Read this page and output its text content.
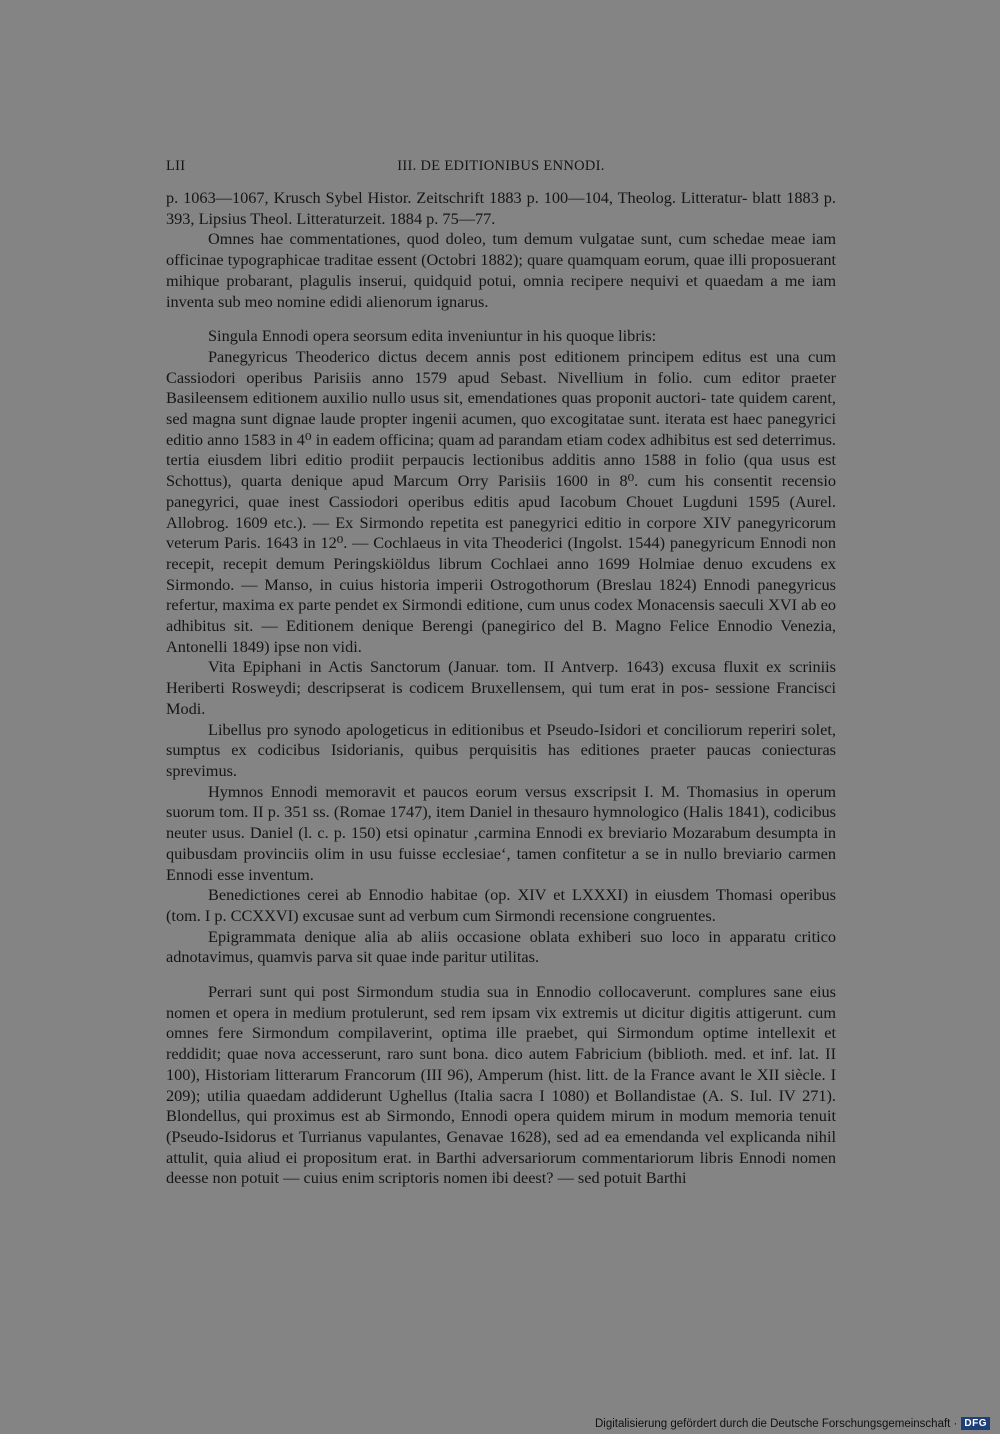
LII	III. DE EDITIONIBUS ENNODI.

p. 1063—1067, Krusch Sybel Histor. Zeitschrift 1883 p. 100—104, Theolog. Litteratur- blatt 1883 p. 393, Lipsius Theol. Litteraturzeit. 1884 p. 75—77.

Omnes hae commentationes, quod doleo, tum demum vulgatae sunt, cum schedae meae iam officinae typographicae traditae essent (Octobri 1882); quare quamquam eorum, quae illi proposuerant mihique probarant, plagulis inserui, quidquid potui, omnia recipere nequivi et quaedam a me iam inventa sub meo nomine edidi alienorum ignarus.

Singula Ennodi opera seorsum edita inveniuntur in his quoque libris:

Panegyricus Theoderico dictus decem annis post editionem principem editus est una cum Cassiodori operibus Parisiis anno 1579 apud Sebast. Nivellium in folio. cum editor praeter Basileensem editionem auxilio nullo usus sit, emendationes quas proponit auctori- tate quidem carent, sed magna sunt dignae laude propter ingenii acumen, quo excogitatae sunt. iterata est haec panegyrici editio anno 1583 in 4⁰ in eadem officina; quam ad parandam etiam codex adhibitus est sed deterrimus. tertia eiusdem libri editio prodiit perpaucis lectionibus additis anno 1588 in folio (qua usus est Schottus), quarta denique apud Marcum Orry Parisiis 1600 in 8⁰. cum his consentit recensio panegyrici, quae inest Cassiodori operibus editis apud Iacobum Chouet Lugduni 1595 (Aurel. Allobrog. 1609 etc.). — Ex Sirmondo repetita est panegyrici editio in corpore XIV panegyricorum veterum Paris. 1643 in 12⁰. — Cochlaeus in vita Theoderici (Ingolst. 1544) panegyricum Ennodi non recepit, recepit demum Peringskiöldus librum Cochlaei anno 1699 Holmiae denuo excudens ex Sirmondo. — Manso, in cuius historia imperii Ostrogothorum (Breslau 1824) Ennodi panegyricus refertur, maxima ex parte pendet ex Sirmondi editione, cum unus codex Monacensis saeculi XVI ab eo adhibitus sit. — Editionem denique Berengi (panegirico del B. Magno Felice Ennodio Venezia, Antonelli 1849) ipse non vidi.

Vita Epiphani in Actis Sanctorum (Januar. tom. II Antverp. 1643) excusa fluxit ex scriniis Heriberti Rosweydi; descripserat is codicem Bruxellensem, qui tum erat in pos- sessione Francisci Modi.

Libellus pro synodo apologeticus in editionibus et Pseudo-Isidori et conciliorum reperiri solet, sumptus ex codicibus Isidorianis, quibus perquisitis has editiones praeter paucas coniecturas sprevimus.

Hymnos Ennodi memoravit et paucos eorum versus exscripsit I. M. Thomasius in operum suorum tom. II p. 351 ss. (Romae 1747), item Daniel in thesauro hymnologico (Halis 1841), codicibus neuter usus. Daniel (l. c. p. 150) etsi opinatur ‚carmina Ennodi ex breviario Mozarabum desumpta in quibusdam provinciis olim in usu fuisse ecclesiae‘, tamen confitetur a se in nullo breviario carmen Ennodi esse inventum.

Benedictiones cerei ab Ennodio habitae (op. XIV et LXXXI) in eiusdem Thomasi operibus (tom. I p. CCXXVI) excusae sunt ad verbum cum Sirmondi recensione congruentes.

Epigrammata denique alia ab aliis occasione oblata exhiberi suo loco in apparatu critico adnotavimus, quamvis parva sit quae inde paritur utilitas.

Perrari sunt qui post Sirmondum studia sua in Ennodio collocaverunt. complures sane eius nomen et opera in medium protulerunt, sed rem ipsam vix extremis ut dicitur digitis attigerunt. cum omnes fere Sirmondum compilaverint, optima ille praebet, qui Sirmondum optime intellexit et reddidit; quae nova accesserunt, raro sunt bona. dico autem Fabricium (biblioth. med. et inf. lat. II 100), Historiam litterarum Francorum (III 96), Amperum (hist. litt. de la France avant le XII siècle. I 209); utilia quaedam addiderunt Ughellus (Italia sacra I 1080) et Bollandistae (A. S. Iul. IV 271). Blondellus, qui proximus est ab Sirmondo, Ennodi opera quidem mirum in modum memoria tenuit (Pseudo-Isidorus et Turrianus vapulantes, Genavae 1628), sed ad ea emendanda vel explicanda nihil attulit, quia aliud ei propositum erat. in Barthi adversariorum commentariorum libris Ennodi nomen deesse non potuit — cuius enim scriptoris nomen ibi deest? — sed potuit Barthi

Digitalisierung gefördert durch die Deutsche Forschungsgemeinschaft · DFG
